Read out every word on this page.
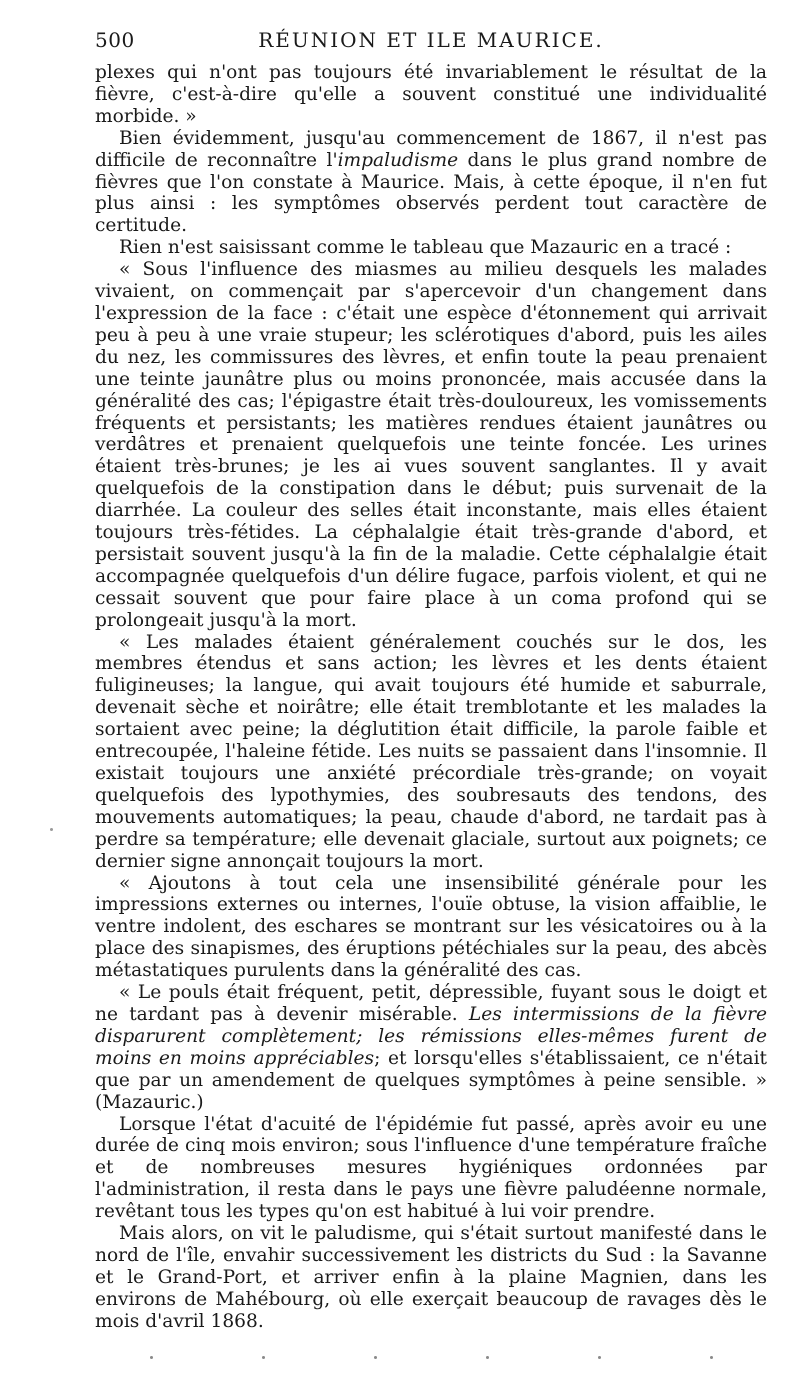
500	RÉUNION ET ILE MAURICE.

plexes qui n'ont pas toujours été invariablement le résultat de la fièvre, c'est-à-dire qu'elle a souvent constitué une individualité morbide. »

Bien évidemment, jusqu'au commencement de 1867, il n'est pas difficile de reconnaître l'impaludisme dans le plus grand nombre de fièvres que l'on constate à Maurice. Mais, à cette époque, il n'en fut plus ainsi : les symptômes observés perdent tout caractère de certitude.

Rien n'est saisissant comme le tableau que Mazauric en a tracé :

« Sous l'influence des miasmes au milieu desquels les malades vivaient, on commençait par s'apercevoir d'un changement dans l'expression de la face : c'était une espèce d'étonnement qui arrivait peu à peu à une vraie stupeur; les sclérotiques d'abord, puis les ailes du nez, les commissures des lèvres, et enfin toute la peau prenaient une teinte jaunâtre plus ou moins prononcée, mais accusée dans la généralité des cas; l'épigastre était très-douloureux, les vomissements fréquents et persistants; les matières rendues étaient jaunâtres ou verdâtres et prenaient quelquefois une teinte foncée. Les urines étaient très-brunes; je les ai vues souvent sanglantes. Il y avait quelquefois de la constipation dans le début; puis survenait de la diarrhée. La couleur des selles était inconstante, mais elles étaient toujours très-fétides. La céphalalgie était très-grande d'abord, et persistait souvent jusqu'à la fin de la maladie. Cette céphalalgie était accompagnée quelquefois d'un délire fugace, parfois violent, et qui ne cessait souvent que pour faire place à un coma profond qui se prolongeait jusqu'à la mort.

« Les malades étaient généralement couchés sur le dos, les membres étendus et sans action; les lèvres et les dents étaient fuligineuses; la langue, qui avait toujours été humide et saburrale, devenait sèche et noirâtre; elle était tremblotante et les malades la sortaient avec peine; la déglutition était difficile, la parole faible et entrecoupée, l'haleine fétide. Les nuits se passaient dans l'insomnie. Il existait toujours une anxiété précordiale très-grande; on voyait quelquefois des lypothymies, des soubresauts des tendons, des mouvements automatiques; la peau, chaude d'abord, ne tardait pas à perdre sa température; elle devenait glaciale, surtout aux poignets; ce dernier signe annonçait toujours la mort.

« Ajoutons à tout cela une insensibilité générale pour les impressions externes ou internes, l'ouïe obtuse, la vision affaiblie, le ventre indolent, des eschares se montrant sur les vésicatoires ou à la place des sinapismes, des éruptions pétéchiales sur la peau, des abcès métastatiques purulents dans la généralité des cas.

« Le pouls était fréquent, petit, dépressible, fuyant sous le doigt et ne tardant pas à devenir misérable. Les intermissions de la fièvre disparurent complètement; les rémissions elles-mêmes furent de moins en moins appréciables; et lorsqu'elles s'établissaient, ce n'était que par un amendement de quelques symptômes à peine sensible. » (Mazauric.)

Lorsque l'état d'acuité de l'épidémie fut passé, après avoir eu une durée de cinq mois environ; sous l'influence d'une température fraîche et de nombreuses mesures hygiéniques ordonnées par l'administration, il resta dans le pays une fièvre paludéenne normale, revêtant tous les types qu'on est habitué à lui voir prendre.

Mais alors, on vit le paludisme, qui s'était surtout manifesté dans le nord de l'île, envahir successivement les districts du Sud : la Savanne et le Grand-Port, et arriver enfin à la plaine Magnien, dans les environs de Mahébourg, où elle exerçait beaucoup de ravages dès le mois d'avril 1868.
